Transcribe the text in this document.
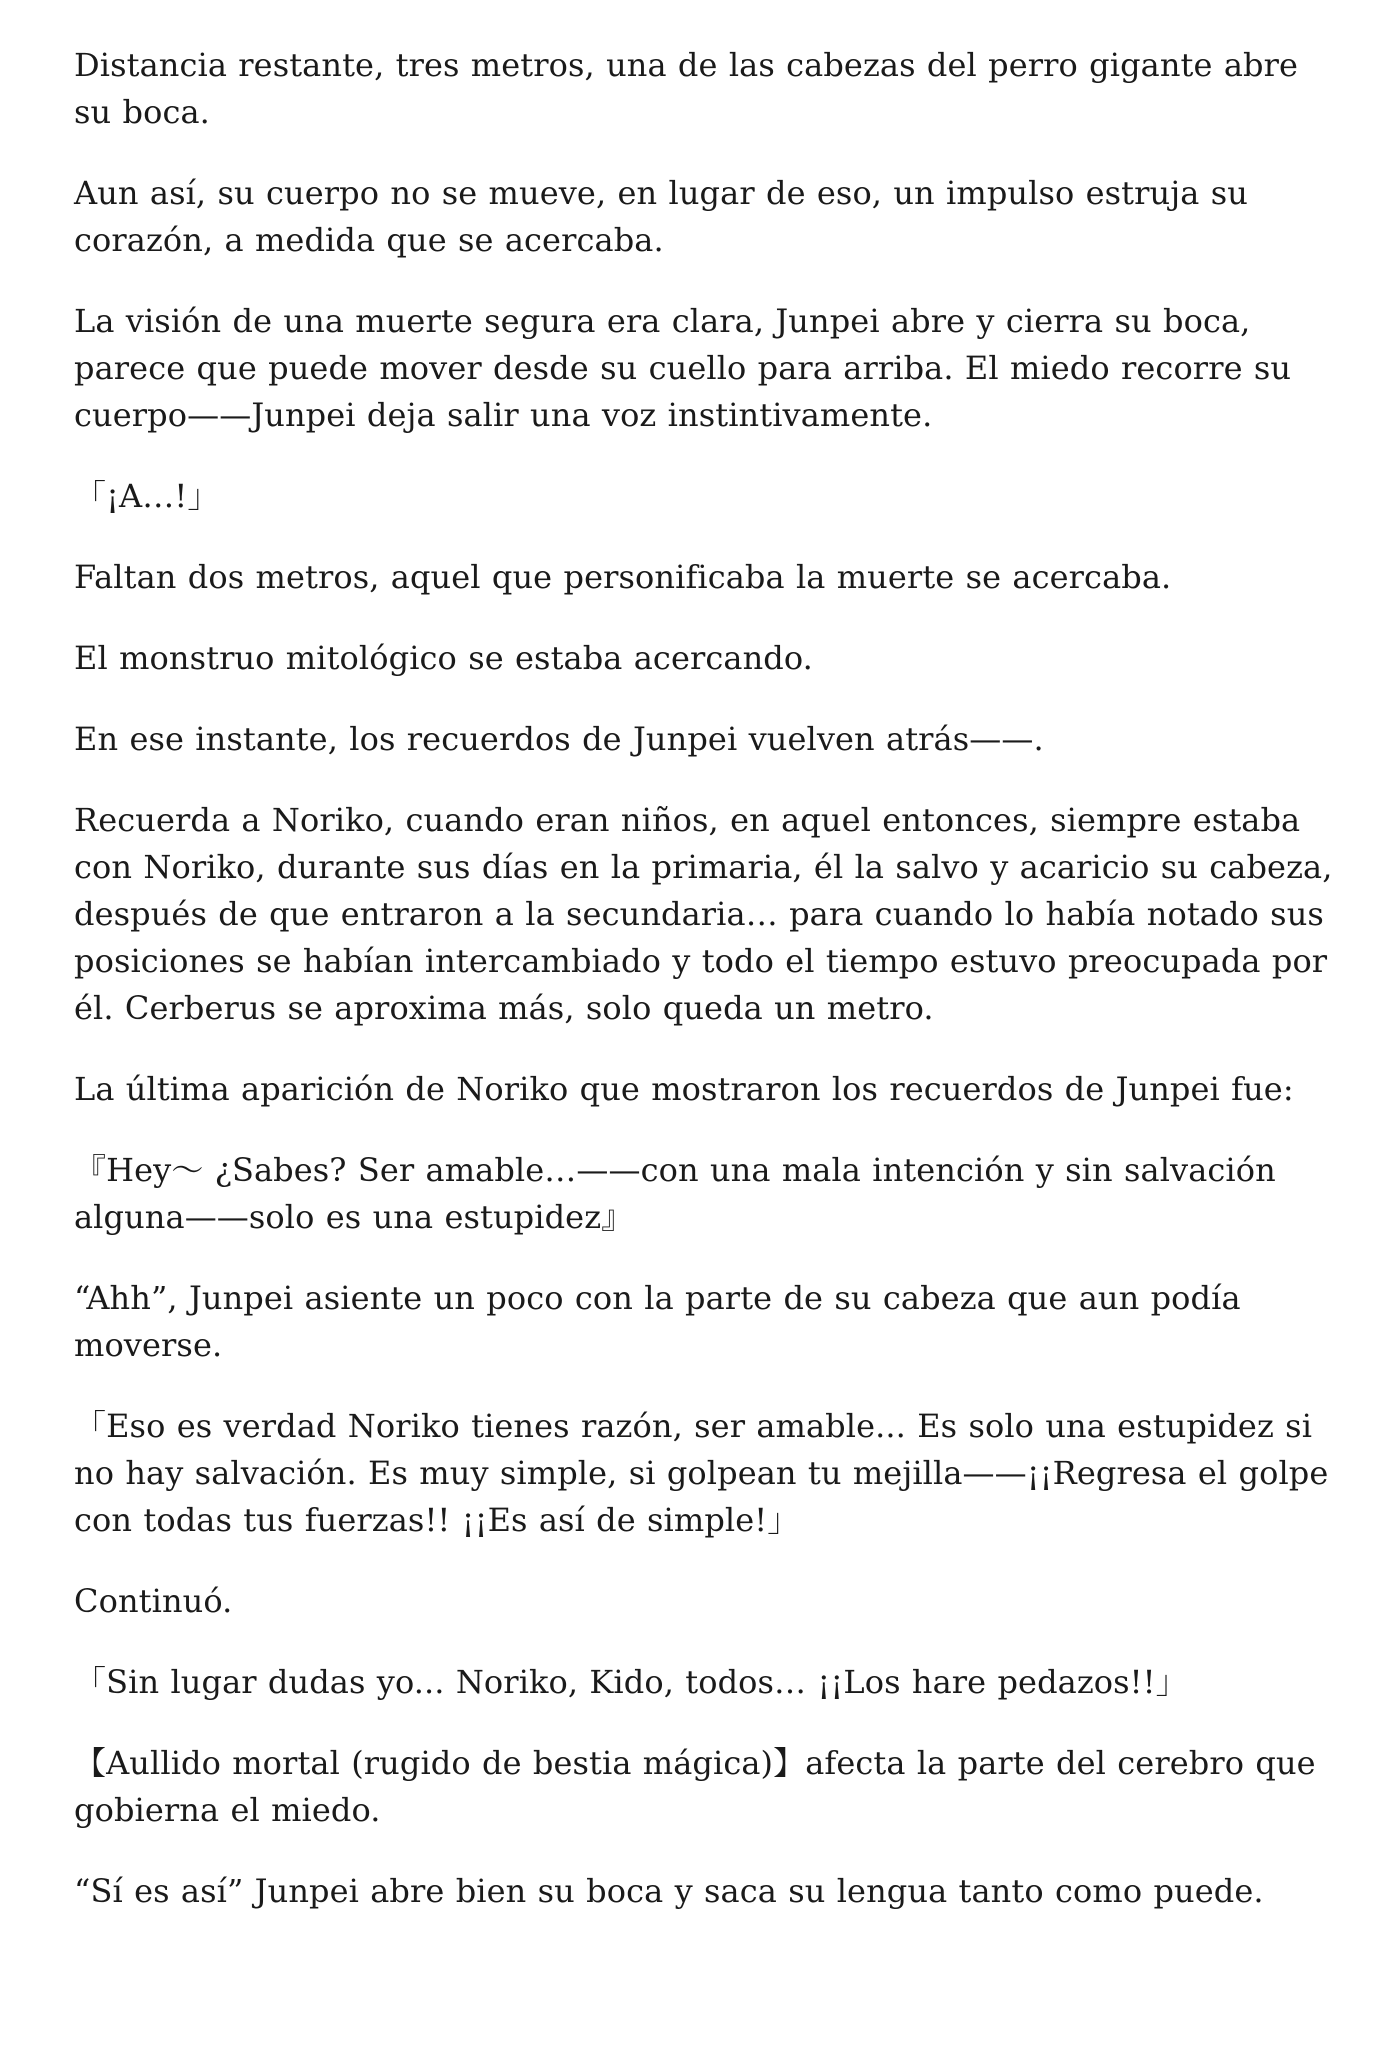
Distancia restante, tres metros, una de las cabezas del perro gigante abre su boca.

Aun así, su cuerpo no se mueve, en lugar de eso, un impulso estruja su corazón, a medida que se acercaba.

La visión de una muerte segura era clara, Junpei abre y cierra su boca, parece que puede mover desde su cuello para arriba. El miedo recorre su cuerpo——Junpei deja salir una voz instintivamente.

「¡A…!」

Faltan dos metros, aquel que personificaba la muerte se acercaba.

El monstruo mitológico se estaba acercando.

En ese instante, los recuerdos de Junpei vuelven atrás——.

Recuerda a Noriko, cuando eran niños, en aquel entonces, siempre estaba con Noriko, durante sus días en la primaria, él la salvo y acaricio su cabeza, después de que entraron a la secundaria… para cuando lo había notado sus posiciones se habían intercambiado y todo el tiempo estuvo preocupada por él. Cerberus se aproxima más, solo queda un metro.

La última aparición de Noriko que mostraron los recuerdos de Junpei fue:

『Hey～ ¿Sabes? Ser amable…——con una mala intención y sin salvación alguna——solo es una estupidez』

“Ahh”, Junpei asiente un poco con la parte de su cabeza que aun podía moverse.

「Eso es verdad Noriko tienes razón, ser amable... Es solo una estupidez si no hay salvación. Es muy simple, si golpean tu mejilla——¡¡Regresa el golpe con todas tus fuerzas!! ¡¡Es así de simple!」

Continuó.

「Sin lugar dudas yo... Noriko, Kido, todos… ¡¡Los hare pedazos!!」

【Aullido mortal (rugido de bestia mágica)】afecta la parte del cerebro que gobierna el miedo.

“Sí es así” Junpei abre bien su boca y saca su lengua tanto como puede.
